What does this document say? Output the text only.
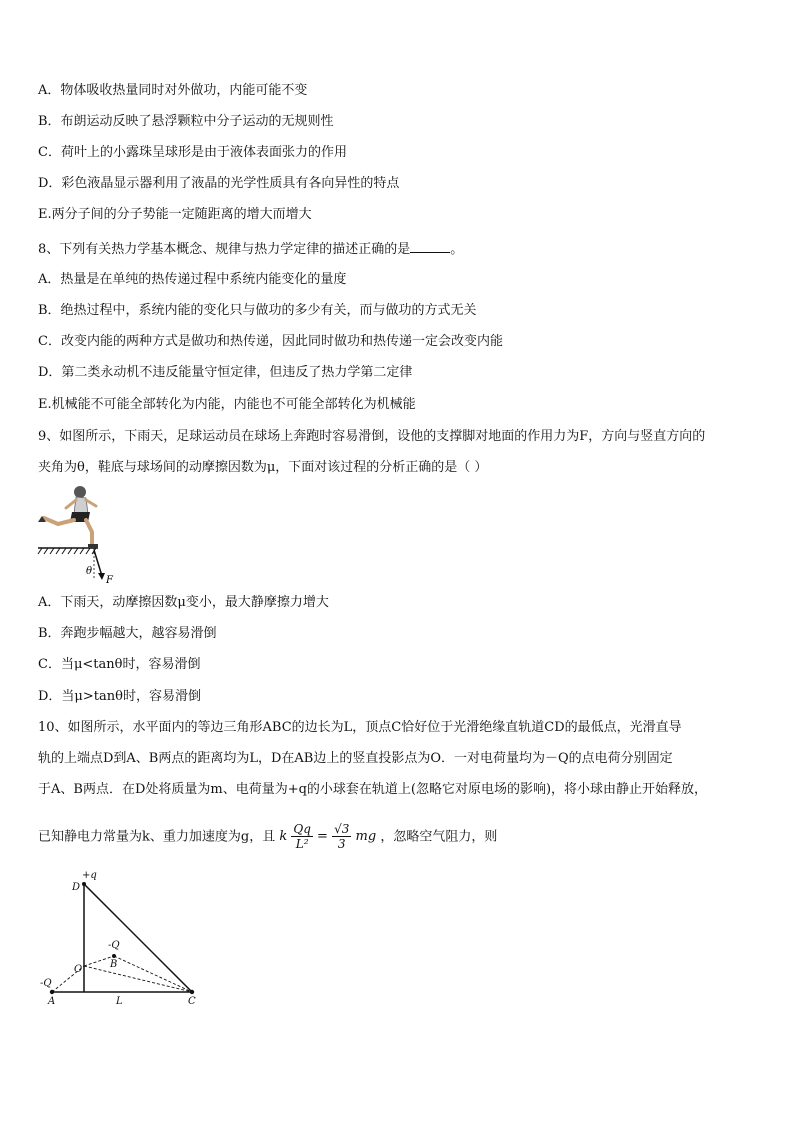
A．物体吸收热量同时对外做功，内能可能不变
B．布朗运动反映了悬浮颗粒中分子运动的无规则性
C．荷叶上的小露珠呈球形是由于液体表面张力的作用
D．彩色液晶显示器利用了液晶的光学性质具有各向异性的特点
E.两分子间的分子势能一定随距离的增大而增大
8、下列有关热力学基本概念、规律与热力学定律的描述正确的是	。
A．热量是在单纯的热传递过程中系统内能变化的量度
B．绝热过程中，系统内能的变化只与做功的多少有关，而与做功的方式无关
C．改变内能的两种方式是做功和热传递，因此同时做功和热传递一定会改变内能
D．第二类永动机不违反能量守恒定律，但违反了热力学第二定律
E.机械能不可能全部转化为内能，内能也不可能全部转化为机械能
9、如图所示，下雨天，足球运动员在球场上奔跑时容易滑倒，设他的支撑脚对地面的作用力为F，方向与竖直方向的
夹角为θ，鞋底与球场间的动摩擦因数为μ，下面对该过程的分析正确的是（ ）
θ
F
A．下雨天，动摩擦因数μ变小，最大静摩擦力增大
B．奔跑步幅越大，越容易滑倒
C．当μ<tanθ时，容易滑倒
D．当μ>tanθ时，容易滑倒
10、如图所示，水平面内的等边三角形ABC的边长为L，顶点C恰好位于光滑绝缘直轨道CD的最低点，光滑直导
轨的上端点D到A、B两点的距离均为L，D在AB边上的竖直投影点为O．一对电荷量均为－Q的点电荷分别固定
于A、B两点．在D处将质量为m、电荷量为+q的小球套在轨道上(忽略它对原电场的影响)，将小球由静止开始释放，
已知静电力常量为k、重力加速度为g，且 k $\frac{Qq}{\text{L²}} = \frac{√3}{3}$ mg ，忽略空气阻力，则
D
+q
-Q
B
O
-Q
A	L	C
